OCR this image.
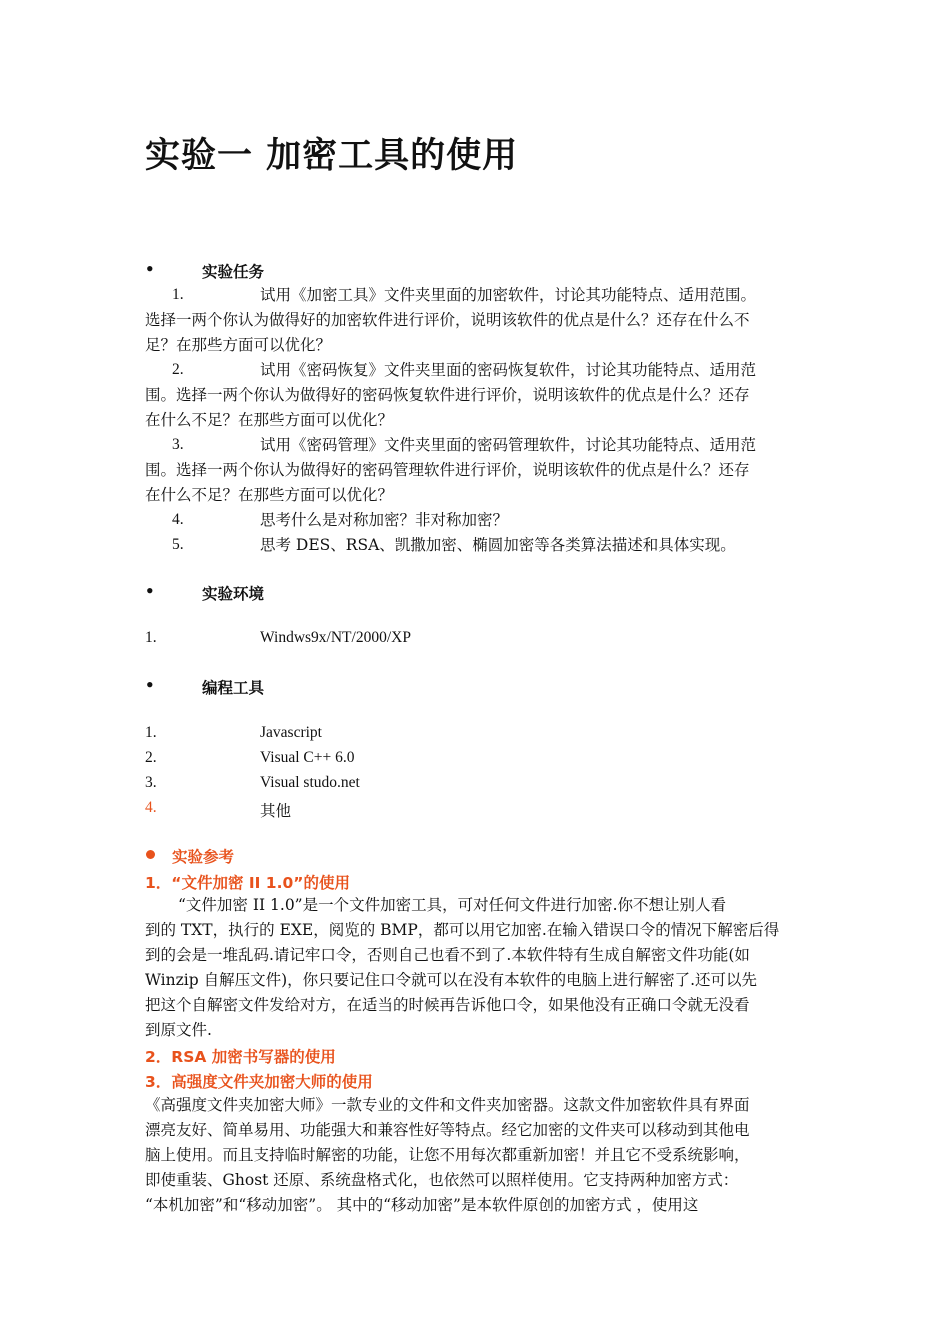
实验一 加密工具的使用
•	实验任务
1.	试用《加密工具》文件夹里面的加密软件，讨论其功能特点、适用范围。
选择一两个你认为做得好的加密软件进行评价，说明该软件的优点是什么？还存在什么不
足？在那些方面可以优化？
2.	试用《密码恢复》文件夹里面的密码恢复软件，讨论其功能特点、适用范
围。选择一两个你认为做得好的密码恢复软件进行评价，说明该软件的优点是什么？还存
在什么不足？在那些方面可以优化？
3.	试用《密码管理》文件夹里面的密码管理软件，讨论其功能特点、适用范
围。选择一两个你认为做得好的密码管理软件进行评价，说明该软件的优点是什么？还存
在什么不足？在那些方面可以优化？
4.	思考什么是对称加密？非对称加密？
5.	思考 DES、RSA、凯撒加密、椭圆加密等各类算法描述和具体实现。
•	实验环境
1.	Windws9x/NT/2000/XP
•	编程工具
1.	Javascript
2.	Visual C++ 6.0
3.	Visual studo.net
4.	其他
实验参考
1．“文件加密 II 1.0”的使用
“文件加密 II 1.0”是一个文件加密工具，可对任何文件进行加密.你不想让别人看
到的 TXT，执行的 EXE，阅览的 BMP，都可以用它加密.在输入错误口令的情况下解密后得
到的会是一堆乱码.请记牢口令，否则自己也看不到了.本软件特有生成自解密文件功能(如
Winzip 自解压文件)，你只要记住口令就可以在没有本软件的电脑上进行解密了.还可以先
把这个自解密文件发给对方，在适当的时候再告诉他口令，如果他没有正确口令就无没看
到原文件.
2．RSA 加密书写器的使用
3．高强度文件夹加密大师的使用
《高强度文件夹加密大师》一款专业的文件和文件夹加密器。这款文件加密软件具有界面
漂亮友好、简单易用、功能强大和兼容性好等特点。经它加密的文件夹可以移动到其他电
脑上使用。而且支持临时解密的功能，让您不用每次都重新加密！并且它不受系统影响，
即使重装、Ghost 还原、系统盘格式化，也依然可以照样使用。它支持两种加密方式：
“本机加密”和“移动加密”。 其中的“移动加密”是本软件原创的加密方式 ，使用这
